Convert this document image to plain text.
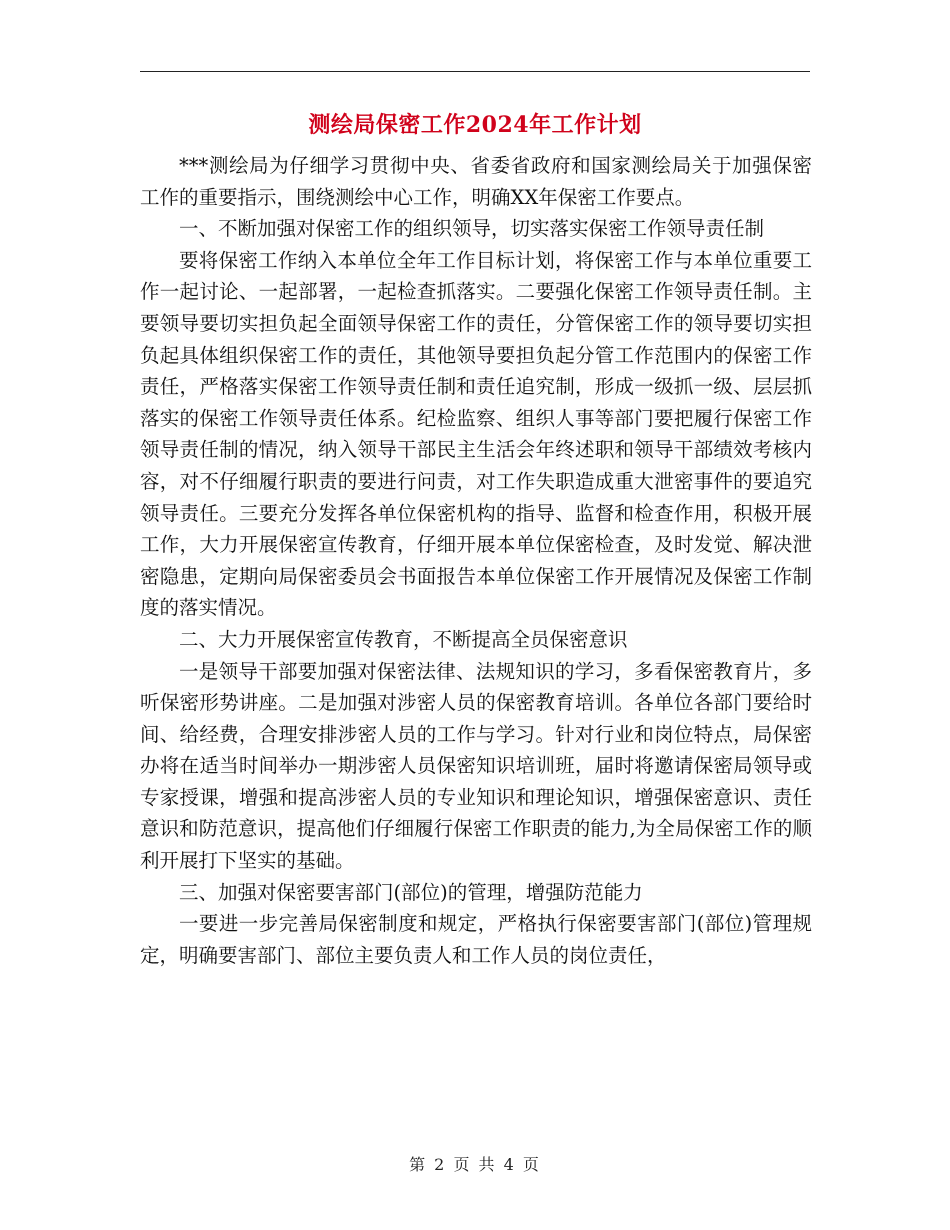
测绘局保密工作2024年工作计划

***测绘局为仔细学习贯彻中央、省委省政府和国家测绘局关于加强保密工作的重要指示，围绕测绘中心工作，明确XX年保密工作要点。

一、不断加强对保密工作的组织领导，切实落实保密工作领导责任制

要将保密工作纳入本单位全年工作目标计划，将保密工作与本单位重要工作一起讨论、一起部署，一起检查抓落实。二要强化保密工作领导责任制。主要领导要切实担负起全面领导保密工作的责任，分管保密工作的领导要切实担负起具体组织保密工作的责任，其他领导要担负起分管工作范围内的保密工作责任，严格落实保密工作领导责任制和责任追究制，形成一级抓一级、层层抓落实的保密工作领导责任体系。纪检监察、组织人事等部门要把履行保密工作领导责任制的情况，纳入领导干部民主生活会年终述职和领导干部绩效考核内容，对不仔细履行职责的要进行问责，对工作失职造成重大泄密事件的要追究领导责任。三要充分发挥各单位保密机构的指导、监督和检查作用，积极开展工作，大力开展保密宣传教育，仔细开展本单位保密检查，及时发觉、解决泄密隐患，定期向局保密委员会书面报告本单位保密工作开展情况及保密工作制度的落实情况。

二、大力开展保密宣传教育，不断提高全员保密意识

一是领导干部要加强对保密法律、法规知识的学习，多看保密教育片，多听保密形势讲座。二是加强对涉密人员的保密教育培训。各单位各部门要给时间、给经费，合理安排涉密人员的工作与学习。针对行业和岗位特点，局保密办将在适当时间举办一期涉密人员保密知识培训班，届时将邀请保密局领导或专家授课，增强和提高涉密人员的专业知识和理论知识，增强保密意识、责任意识和防范意识，提高他们仔细履行保密工作职责的能力,为全局保密工作的顺利开展打下坚实的基础。

三、加强对保密要害部门(部位)的管理，增强防范能力

一要进一步完善局保密制度和规定，严格执行保密要害部门(部位)管理规定，明确要害部门、部位主要负责人和工作人员的岗位责任，

第 2 页 共 4 页
